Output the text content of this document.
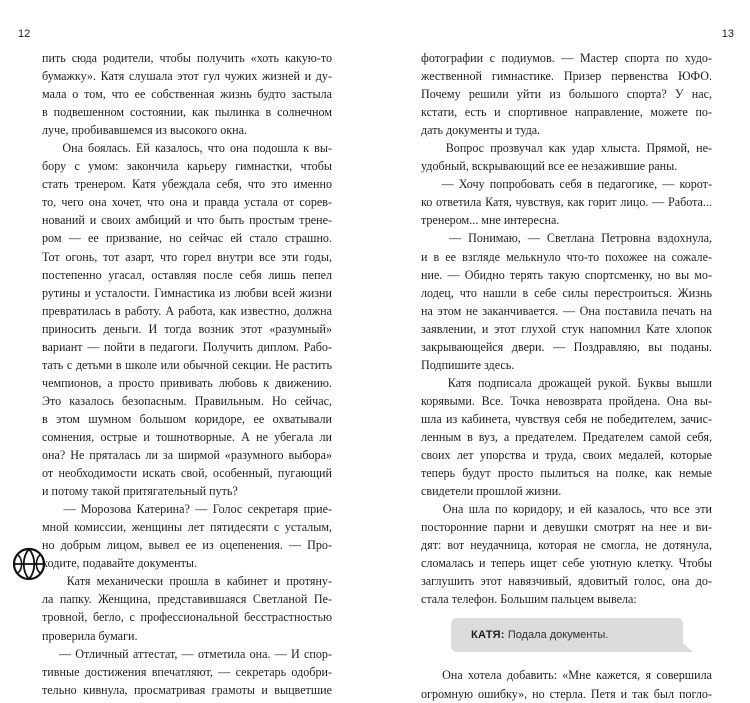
12	13
пить сюда родители, чтобы получить «хоть какую-то
бумажку». Катя слушала этот гул чужих жизней и ду-
мала о том, что ее собственная жизнь будто застыла
в подвешенном состоянии, как пылинка в солнечном
луче, пробивавшемся из высокого окна.
Она боялась. Ей казалось, что она подошла к вы-
бору с умом: закончила карьеру гимнастки, чтобы
стать тренером. Катя убеждала себя, что это именно
то, чего она хочет, что она и правда устала от сорев-
нований и своих амбиций и что быть простым трене-
ром — ее призвание, но сейчас ей стало страшно.
Тот огонь, тот азарт, что горел внутри все эти годы,
постепенно угасал, оставляя после себя лишь пепел
рутины и усталости. Гимнастика из любви всей жизни
превратилась в работу. А работа, как известно, должна
приносить деньги. И тогда возник этот «разумный»
вариант — пойти в педагоги. Получить диплом. Рабо-
тать с детьми в школе или обычной секции. Не растить
чемпионов, а просто прививать любовь к движению.
Это казалось безопасным. Правильным. Но сейчас,
в этом шумном большом коридоре, ее охватывали
сомнения, острые и тошнотворные. А не убегала ли
она? Не пряталась ли за ширмой «разумного выбора»
от необходимости искать свой, особенный, пугающий
и потому такой притягательный путь?
— Морозова Катерина? — Голос секретаря прие-
мной комиссии, женщины лет пятидесяти с усталым,
но добрым лицом, вывел ее из оцепенения. — Про-
ходите, подавайте документы.
Катя механически прошла в кабинет и протяну-
ла папку. Женщина, представившаяся Светланой Пе-
тровной, бегло, с профессиональной бесстрастностью
проверила бумаги.
— Отличный аттестат, — отметила она. — И спор-
тивные достижения впечатляют, — секретарь одобри-
тельно кивнула, просматривая грамоты и выцветшие
фотографии с подиумов. — Мастер спорта по худо-
жественной гимнастике. Призер первенства ЮФО.
Почему решили уйти из большого спорта? У нас,
кстати, есть и спортивное направление, можете по-
дать документы и туда.
Вопрос прозвучал как удар хлыста. Прямой, не-
удобный, вскрывающий все ее незажившие раны.
— Хочу попробовать себя в педагогике, — корот-
ко ответила Катя, чувствуя, как горит лицо. — Работа...
тренером... мне интересна.
— Понимаю, — Светлана Петровна вздохнула,
и в ее взгляде мелькнуло что-то похожее на сожале-
ние. — Обидно терять такую спортсменку, но вы мо-
лодец, что нашли в себе силы перестроиться. Жизнь
на этом не заканчивается. — Она поставила печать на
заявлении, и этот глухой стук напомнил Кате хлопок
закрывающейся двери. — Поздравляю, вы поданы.
Подпишите здесь.
Катя подписала дрожащей рукой. Буквы вышли
корявыми. Все. Точка невозврата пройдена. Она вы-
шла из кабинета, чувствуя себя не победителем, зачис-
ленным в вуз, а предателем. Предателем самой себя,
своих лет упорства и труда, своих медалей, которые
теперь будут просто пылиться на полке, как немые
свидетели прошлой жизни.
Она шла по коридору, и ей казалось, что все эти
посторонние парни и девушки смотрят на нее и ви-
дят: вот неудачница, которая не смогла, не дотянула,
сломалась и теперь ищет себе уютную клетку. Чтобы
заглушить этот навязчивый, ядовитый голос, она до-
стала телефон. Большим пальцем вывела:
КАТЯ: Подала документы.
Она хотела добавить: «Мне кажется, я совершила
огромную ошибку», но стерла. Петя и так был погло-
